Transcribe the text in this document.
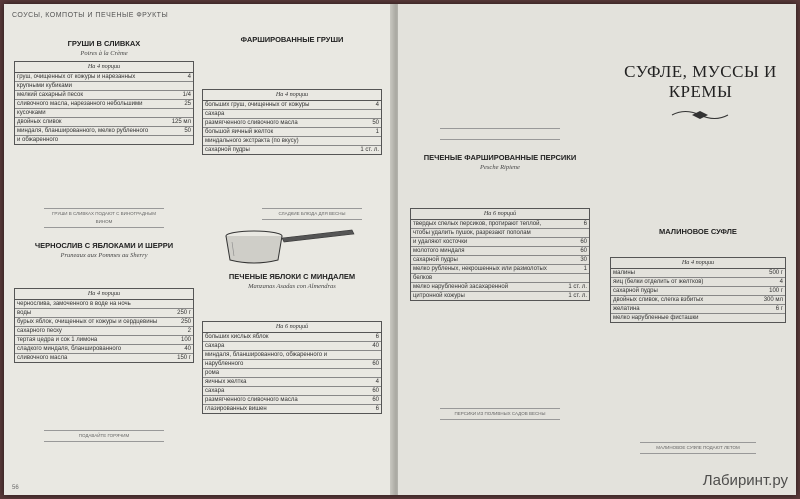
СОУСЫ, КОМПОТЫ И ПЕЧЕНЫЕ ФРУКТЫ
ГРУШИ В СЛИВКАХ
Poires à la Crème
На 4 порции
груш, очищенных от кожуры и нарезанных	4
крупными кубиками
мелкий сахарный песок	1/4
сливочного масла, нарезанного небольшими	25
кусочками
двойных сливок	125 мл
миндаля, бланшированного, мелко рубленного	50
и обжаренного

ГРУШИ В СЛИВКАХ ПОДАЮТ С ВИНОГРАДНЫМ ВИНОМ
ЧЕРНОСЛИВ С ЯБЛОКАМИ И ШЕРРИ
Pruneaux aux Pommes au Sherry

На 4 порции
чернослива, замоченного в воде на ночь
воды	250 г
бурых яблок, очищенных от кожуры и сердцевины	250
сахарного песку	2
тертая цедра и сок 1 лимона	100
сладкого миндаля, бланшированного	40
сливочного масла	150 г

ПОДАВАЙТЕ ГОРЯЧИМ
ФАРШИРОВАННЫЕ ГРУШИ

На 4 порции
больших груш, очищенных от кожуры	4
сахара
размягченного сливочного масла	50
большой яичный желток	1
миндального экстракта (по вкусу)
сахарной пудры	1 ст. л.

СЛАДКИЕ БЛЮДА ДЛЯ ВЕСНЫ
ПЕЧЕНЫЕ ЯБЛОКИ С МИНДАЛЕМ
Manzanas Asadas con Almendras

На 6 порций
больших кислых яблок	6
сахара	40
миндаля, бланшированного, обжаренного и
нарубленного	60
рома
яичных желтка	4
сахара	60
размягченного сливочного масла	60
глазированных вишен	6

56

ПЕЧЕНЫЕ ФАРШИРОВАННЫЕ ПЕРСИКИ
Pesche Ripiene

На 6 порций
твердых спелых персиков, протирают теплой,	6
чтобы удалить пушок, разрезают пополам
и удаляют косточки	60
молотого миндаля	60
сахарной пудры	30
мелко рубленых, некрошенных или размолотых	1
белков
мелко нарубленной засахаренной	1 ст. л.
цитронной кожуры	1 ст. л.

ПЕРСИКИ ИЗ ПОЛИВНЫХ САДОВ ВЕСНЫ
СУФЛЕ, МУССЫ И КРЕМЫ
МАЛИНОВОЕ СУФЛЕ

На 4 порции
малины	500 г
яиц (белки отделить от желтков)	4
сахарной пудры	100 г
двойных сливок, слегка взбитых	300 мл
желатина	6 г
мелко нарубленные фисташки

МАЛИНОВОЕ СУФЛЕ ПОДАЮТ ЛЕТОМ
Лабиринт.ру
